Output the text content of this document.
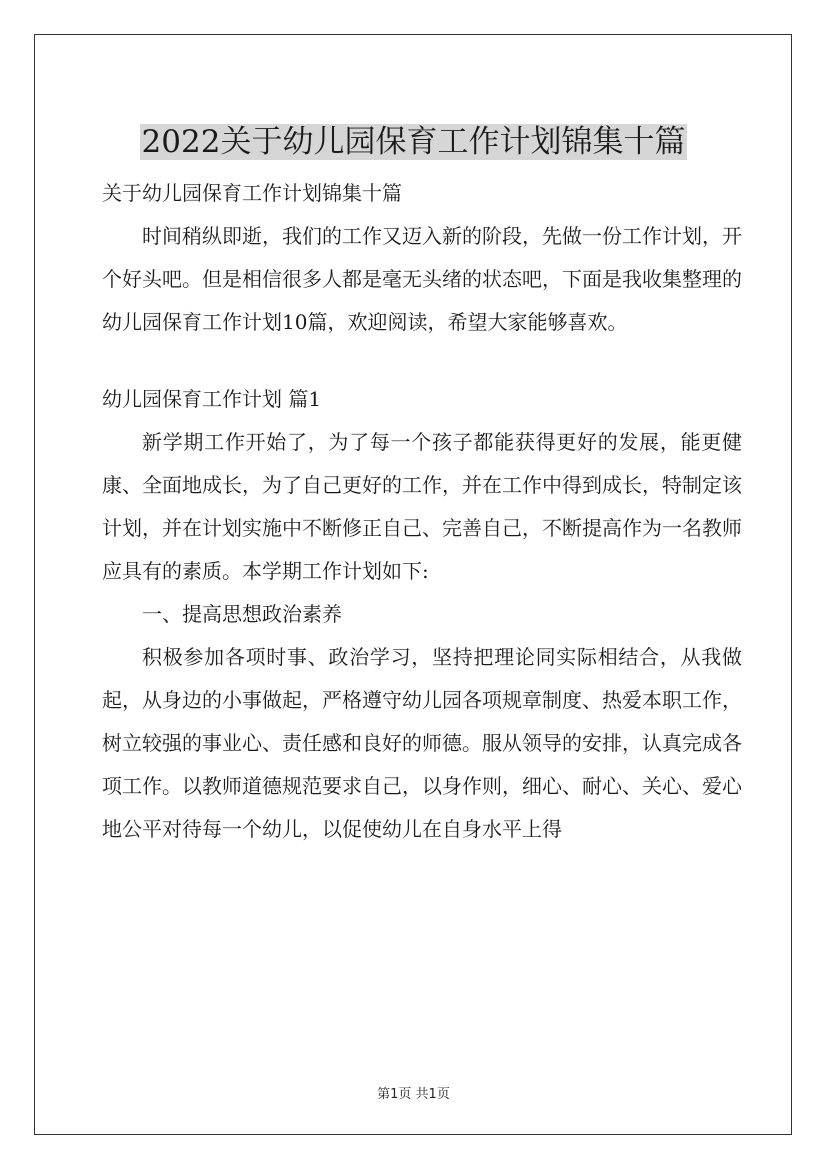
2022关于幼儿园保育工作计划锦集十篇

关于幼儿园保育工作计划锦集十篇

时间稍纵即逝，我们的工作又迈入新的阶段，先做一份工作计划，开个好头吧。但是相信很多人都是毫无头绪的状态吧，下面是我收集整理的幼儿园保育工作计划10篇，欢迎阅读，希望大家能够喜欢。

幼儿园保育工作计划 篇1

新学期工作开始了，为了每一个孩子都能获得更好的发展，能更健康、全面地成长，为了自己更好的工作，并在工作中得到成长，特制定该计划，并在计划实施中不断修正自己、完善自己，不断提高作为一名教师应具有的素质。本学期工作计划如下:

一、提高思想政治素养

积极参加各项时事、政治学习，坚持把理论同实际相结合，从我做起，从身边的小事做起，严格遵守幼儿园各项规章制度、热爱本职工作，树立较强的事业心、责任感和良好的师德。服从领导的安排，认真完成各项工作。以教师道德规范要求自己，以身作则，细心、耐心、关心、爱心地公平对待每一个幼儿，以促使幼儿在自身水平上得

第1页 共1页
